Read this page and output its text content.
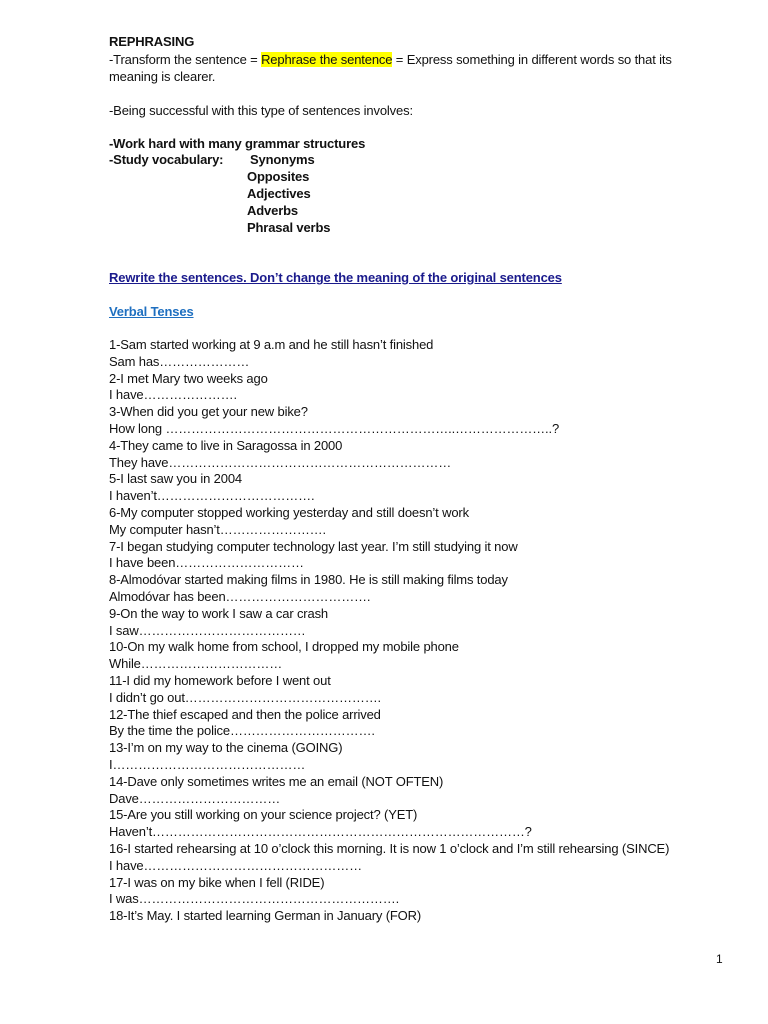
REPHRASING
-Transform the sentence = Rephrase the sentence = Express something in different words so that its
meaning is clearer.
-Being successful with this type of sentences involves:
-Work hard with many grammar structures
-Study vocabulary: Synonyms
Opposites
Adjectives
Adverbs
Phrasal verbs
Rewrite the sentences. Don’t change the meaning of the original sentences
Verbal Tenses
1-Sam started working at 9 a.m and he still hasn’t finished
Sam has…………………
2-I met Mary two weeks ago
I have………………….
3-When did you get your new bike?
How long …………………………………………………………..…………………..?
4-They came to live in Saragossa in 2000
They have…………………………………………………………
5-I last saw you in 2004
I haven’t……………………………….
6-My computer stopped working yesterday and still doesn’t work
My computer hasn’t…………………….
7-I began studying computer technology last year. I’m still studying it now
I have been…………………………
8-Almodóvar started making films in 1980. He is still making films today
Almodóvar has been…………………………….
9-On the way to work I saw a car crash
I saw…………………………………
10-On my walk home from school, I dropped my mobile phone
While……………………………
11-I did my homework before I went out
I didn’t go out……………………………………….
12-The thief escaped and then the police arrived
By the time the police…………………………….
13-I’m on my way to the cinema (GOING)
I………………………………………
14-Dave only sometimes writes me an email (NOT OFTEN)
Dave……………………………
15-Are you still working on your science project? (YET)
Haven’t……………………………………………………………………………?
16-I started rehearsing at 10 o’clock this morning. It is now 1 o’clock and I’m still rehearsing (SINCE)
I have……………………………………………
17-I was on my bike when I fell (RIDE)
I was…………………………………………………….
18-It’s May. I started learning German in January (FOR)
1
